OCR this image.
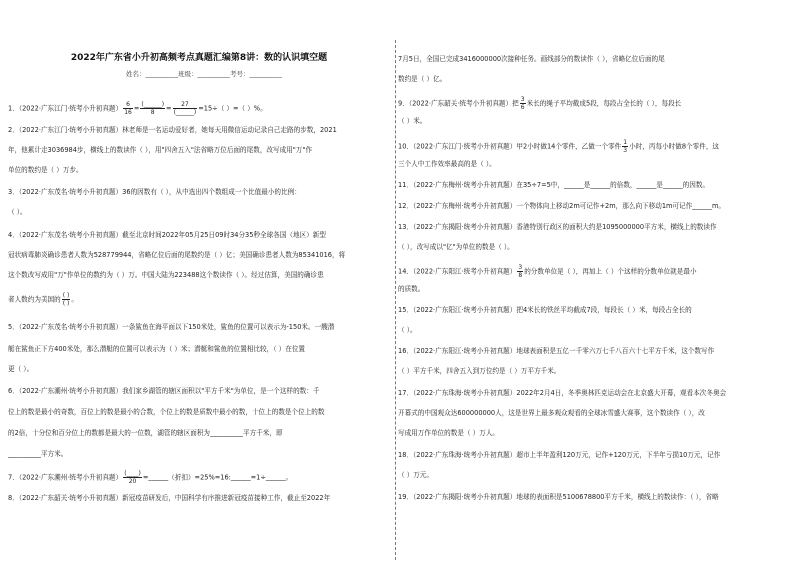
2022年广东省小升初高频考点真题汇编第8讲：数的认识填空题
姓名：__________班级：__________考号：__________
1．（2022·广东江门·统考小升初真题） $\frac{6}{16} = \frac{(\_\_\_\_\_\_)}{8} = \frac{27}{(\_\_\_\_\_\_)} =15\div$（ ）=（ ）%。
2．（2022·广东江门·统考小升初真题）林老师是一名运动爱好者，她每天用微信运动记录自己走路的步数，2021
年，他累计走3036984步，横线上的数读作（ ），用"四舍五入"法省略万位后面的尾数，改写成用"万"作
单位的数约是（ ）万步。
3．（2022·广东茂名·统考小升初真题）36的因数有（ ），从中选出四个数组成一个比值最小的比例：
（ ）。
4．（2022·广东茂名·统考小升初真题）截至北京时间2022年05月25日09时34分35秒全球各国（地区）新型
冠状病毒肺炎确诊患者人数为528779944，省略亿位后面的尾数约是（ ）亿；美国确诊患者人数为85341016，将
这个数改写成用"万"作单位的数约为（ ）万。中国大陆为223488这个数读作（ ）。经过估算，美国的确诊患
者人数约为美国的 $\frac{( )}{( )}$ 。
5．（2022·广东茂名·统考小升初真题）一条鲨鱼在海平面以下150米处，鲨鱼的位置可以表示为-150米。一艘潜
艇在鲨鱼正下方400米处，那么潜艇的位置可以表示为（ ）米；潜艇和鲨鱼的位置相比较，（ ）在位置
更（ ）。
6．（2022·广东潮州·统考小升初真题）我们家乡湖管的辖区面积以"平方千米"为单位，是一个这样的数：千
位上的数是最小的奇数，百位上的数是最小的合数，个位上的数是质数中最小的数，十位上的数是个位上的数
的2倍，十分位和百分位上的数都是最大的一位数，湖管的辖区面积为__________平方千米，即
__________平方米。
7．（2022·广东潮州·统考小升初真题） $\frac{(\_\_\_\_)}{20}$ =______（折扣）=25%=16:______=1÷______。
8．（2022·广东韶关·统考小升初真题）新冠疫苗研发后，中国科学有序推进新冠疫苗接种工作，截止至2022年
7月5日，全国已完成3416000000次接种任务。画线部分的数读作（ ），省略亿位后面的尾
数约是（ ）亿。
9．（2022·广东韶关·统考小升初真题）把 $\frac{3}{6}$ 米长的绳子平均截成5段，每段占全长的（ ），每段长
（ ）米。
10．（2022·广东江门·统考小升初真题）甲2小时做14个零件，乙做一个零件 $\frac{1}{3}$ 小时，丙每小时做8个零件，这
三个人中工作效率最高的是（ ）。
11．（2022·广东梅州·统考小升初真题）在35÷7=5中，______是______的倍数，______是______的因数。
12．（2022·广东梅州·统考小升初真题）一个物体向上移动2m可记作+2m，那么向下移动1m可记作______m。
13．（2022·广东揭阳·统考小升初真题）香港特别行政区的面积大约是1095000000平方米，横线上的数读作
（ ），改写成以"亿"为单位的数是（ ）。
14．（2022·广东阳江·统考小升初真题） $\frac{3}{8}$ 的分数单位是（ ），再加上（ ）个这样的分数单位就是最小
的质数。
15．（2022·广东阳江·统考小升初真题）把4米长的铁丝平均截成7段，每段长（ ）米，每段占全长的
（ ）。
16．（2022·广东阳江·统考小升初真题）地球表面积是五亿一千零六万七千八百六十七平方千米，这个数写作
（ ）平方千米，四舍五入到万位约是（ ）万平方千米。
17．（2022·广东珠海·统考小升初真题）2022年2月4日，冬季奥林匹克运动会在北京盛大开幕，观看本次冬奥会
开幕式的中国观众达600000000人，这是世界上最多观众观看的全球冰雪盛大赛事，这个数读作（ ），改
写成用万作单位的数是（ ）万人。
18．（2022·广东珠海·统考小升初真题）超市上半年盈利120万元，记作+120万元，下半年亏损10万元，记作
（ ）万元。
19．（2022·广东揭阳·统考小升初真题）地球的表面积是5100678800平方千米，横线上的数读作：（ ），省略
